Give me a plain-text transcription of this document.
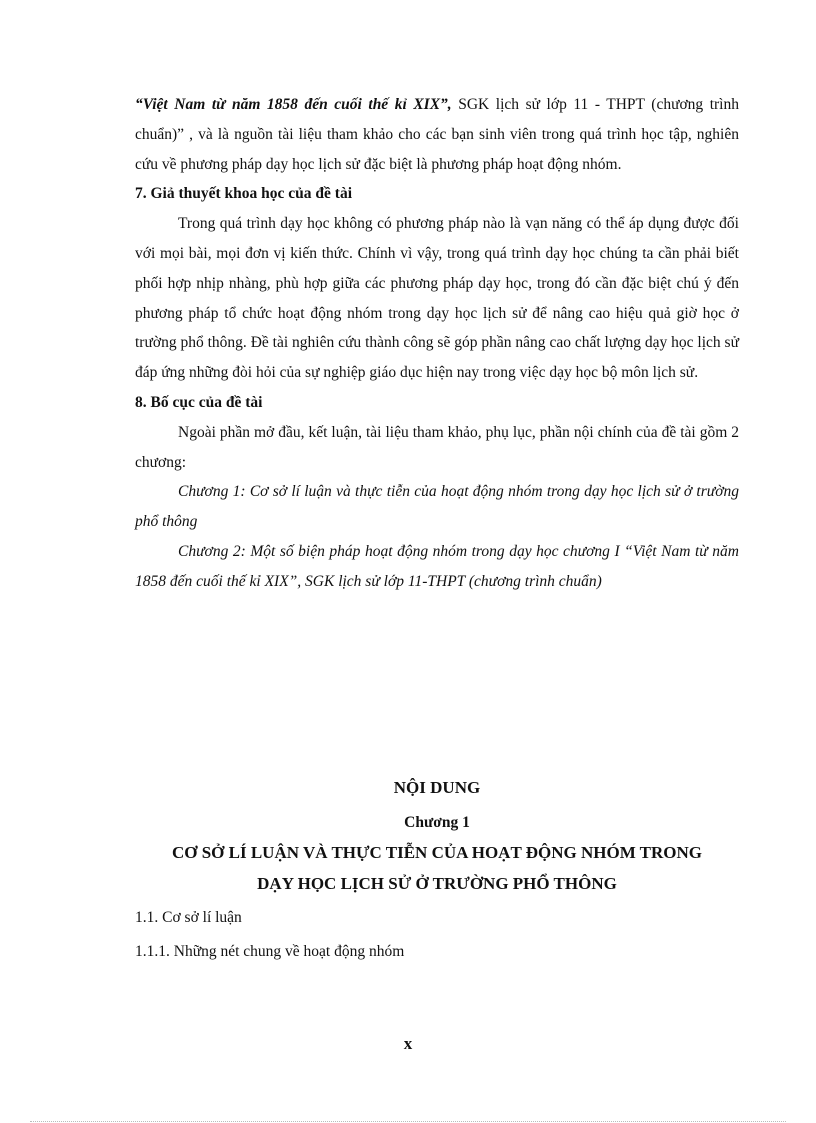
“Việt Nam từ năm 1858 đến cuối thế kỉ XIX”, SGK lịch sử lớp 11 - THPT (chương trình chuẩn)” , và là nguồn tài liệu tham khảo cho các bạn sinh viên trong quá trình học tập, nghiên cứu về phương pháp dạy học lịch sử đặc biệt là phương pháp hoạt động nhóm.

7. Giả thuyết khoa học của đề tài

Trong quá trình dạy học không có phương pháp nào là vạn năng có thể áp dụng được đối với mọi bài, mọi đơn vị kiến thức. Chính vì vậy, trong quá trình dạy học chúng ta cần phải biết phối hợp nhịp nhàng, phù hợp giữa các phương pháp dạy học, trong đó cần đặc biệt chú ý đến phương pháp tổ chức hoạt động nhóm trong dạy học lịch sử để nâng cao hiệu quả giờ học ở trường phổ thông. Đề tài nghiên cứu thành công sẽ góp phần nâng cao chất lượng dạy học lịch sử đáp ứng những đòi hỏi của sự nghiệp giáo dục hiện nay trong việc dạy học bộ môn lịch sử.

8. Bố cục của đề tài

Ngoài phần mở đầu, kết luận, tài liệu tham khảo, phụ lục, phần nội chính của đề tài gồm 2 chương:

Chương 1: Cơ sở lí luận và thực tiễn của hoạt động nhóm trong dạy học lịch sử ở trường phổ thông

Chương 2: Một số biện pháp hoạt động nhóm trong dạy học chương I “Việt Nam từ năm 1858 đến cuối thế kỉ XIX”, SGK lịch sử lớp 11-THPT (chương trình chuẩn)

NỘI DUNG
Chương 1
CƠ SỞ LÍ LUẬN VÀ THỰC TIỄN CỦA HOẠT ĐỘNG NHÓM TRONG
DẠY HỌC LỊCH SỬ Ở TRƯỜNG PHỔ THÔNG
1.1. Cơ sở lí luận
1.1.1. Những nét chung về hoạt động nhóm
x
